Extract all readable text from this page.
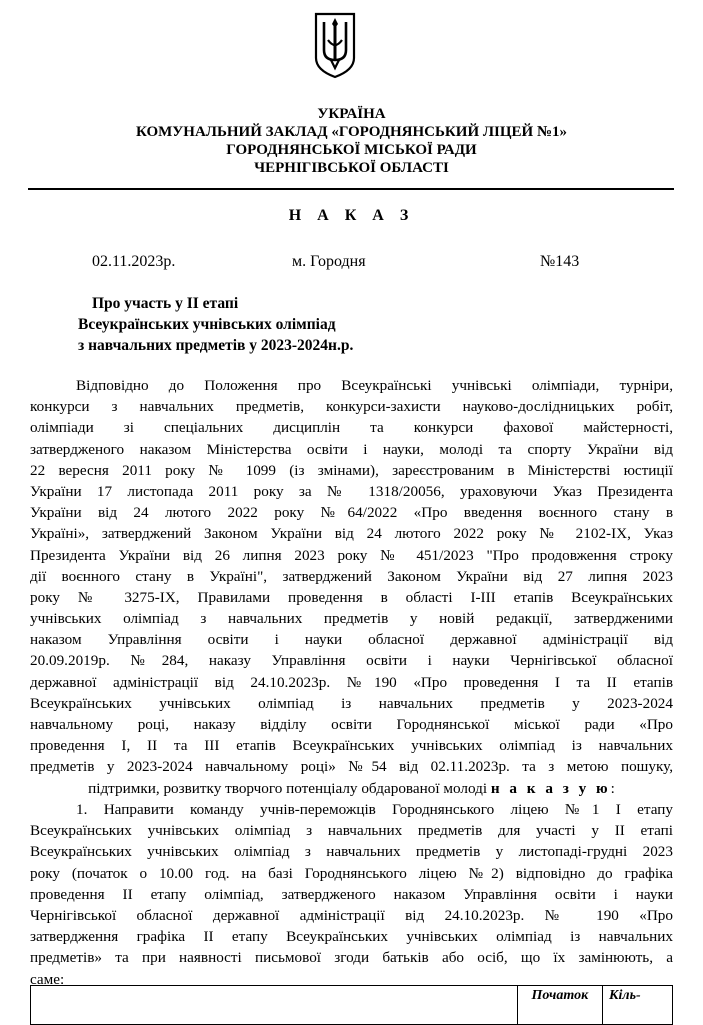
УКРАЇНА
КОМУНАЛЬНИЙ ЗАКЛАД «ГОРОДНЯНСЬКИЙ ЛІЦЕЙ №1»
ГОРОДНЯНСЬКОЇ МІСЬКОЇ РАДИ
ЧЕРНІГІВСЬКОЇ ОБЛАСТІ
Н А К А З
02.11.2023р.	м. Городня	№143
Про участь у ІІ етапі
Всеукраїнських учнівських олімпіад
з навчальних предметів у 2023-2024н.р.
Відповідно до Положення про Всеукраїнські учнівські олімпіади, турніри,
конкурси з навчальних предметів, конкурси-захисти науково-дослідницьких робіт,
олімпіади зі спеціальних дисциплін та конкурси фахової майстерності,
затвердженого наказом Міністерства освіти і науки, молоді та спорту України від
22 вересня 2011 року № 1099 (із змінами), зареєстрованим в Міністерстві юстиції
України 17 листопада 2011 року за № 1318/20056, ураховуючи Указ Президента
України від 24 лютого 2022 року №64/2022 «Про введення воєнного стану в
Україні», затверджений Законом України від 24 лютого 2022 року № 2102-IX, Указ
Президента України від 26 липня 2023 року № 451/2023 "Про продовження строку
дії воєнного стану в Україні", затверджений Законом України від 27 липня 2023
року № 3275-IX, Правилами проведення в області І-ІІІ етапів Всеукраїнських
учнівських олімпіад з навчальних предметів у новій редакції, затвердженими
наказом Управління освіти і науки обласної державної адміністрації від
20.09.2019р. №284, наказу Управління освіти і науки Чернігівської обласної
державної адміністрації від 24.10.2023р. №190 «Про проведення І та ІІ етапів
Всеукраїнських учнівських олімпіад із навчальних предметів у 2023-2024
навчальному році, наказу відділу освіти Городнянської міської ради «Про
проведення І, ІІ та ІІІ етапів Всеукраїнських учнівських олімпіад із навчальних
предметів у 2023-2024 навчальному році» №54 від 02.11.2023р. та з метою пошуку,
підтримки, розвитку творчого потенціалу обдарованої молоді н а к а з у ю:
1. Направити команду учнів-переможців Городнянського ліцею №1 І етапу
Всеукраїнських учнівських олімпіад з навчальних предметів для участі у ІІ етапі
Всеукраїнських учнівських олімпіад з навчальних предметів у листопаді-грудні 2023
року (початок о 10.00 год. на базі Городнянського ліцею №2) відповідно до графіка
проведення ІІ етапу олімпіад, затвердженого наказом Управління освіти і науки
Чернігівської обласної державної адміністрації від 24.10.2023р. № 190 «Про
затвердження графіка ІІ етапу Всеукраїнських учнівських олімпіад із навчальних
предметів» та при наявності письмової згоди батьків або осіб, що їх замінюють, а
саме:
	Початок	Кіль-
